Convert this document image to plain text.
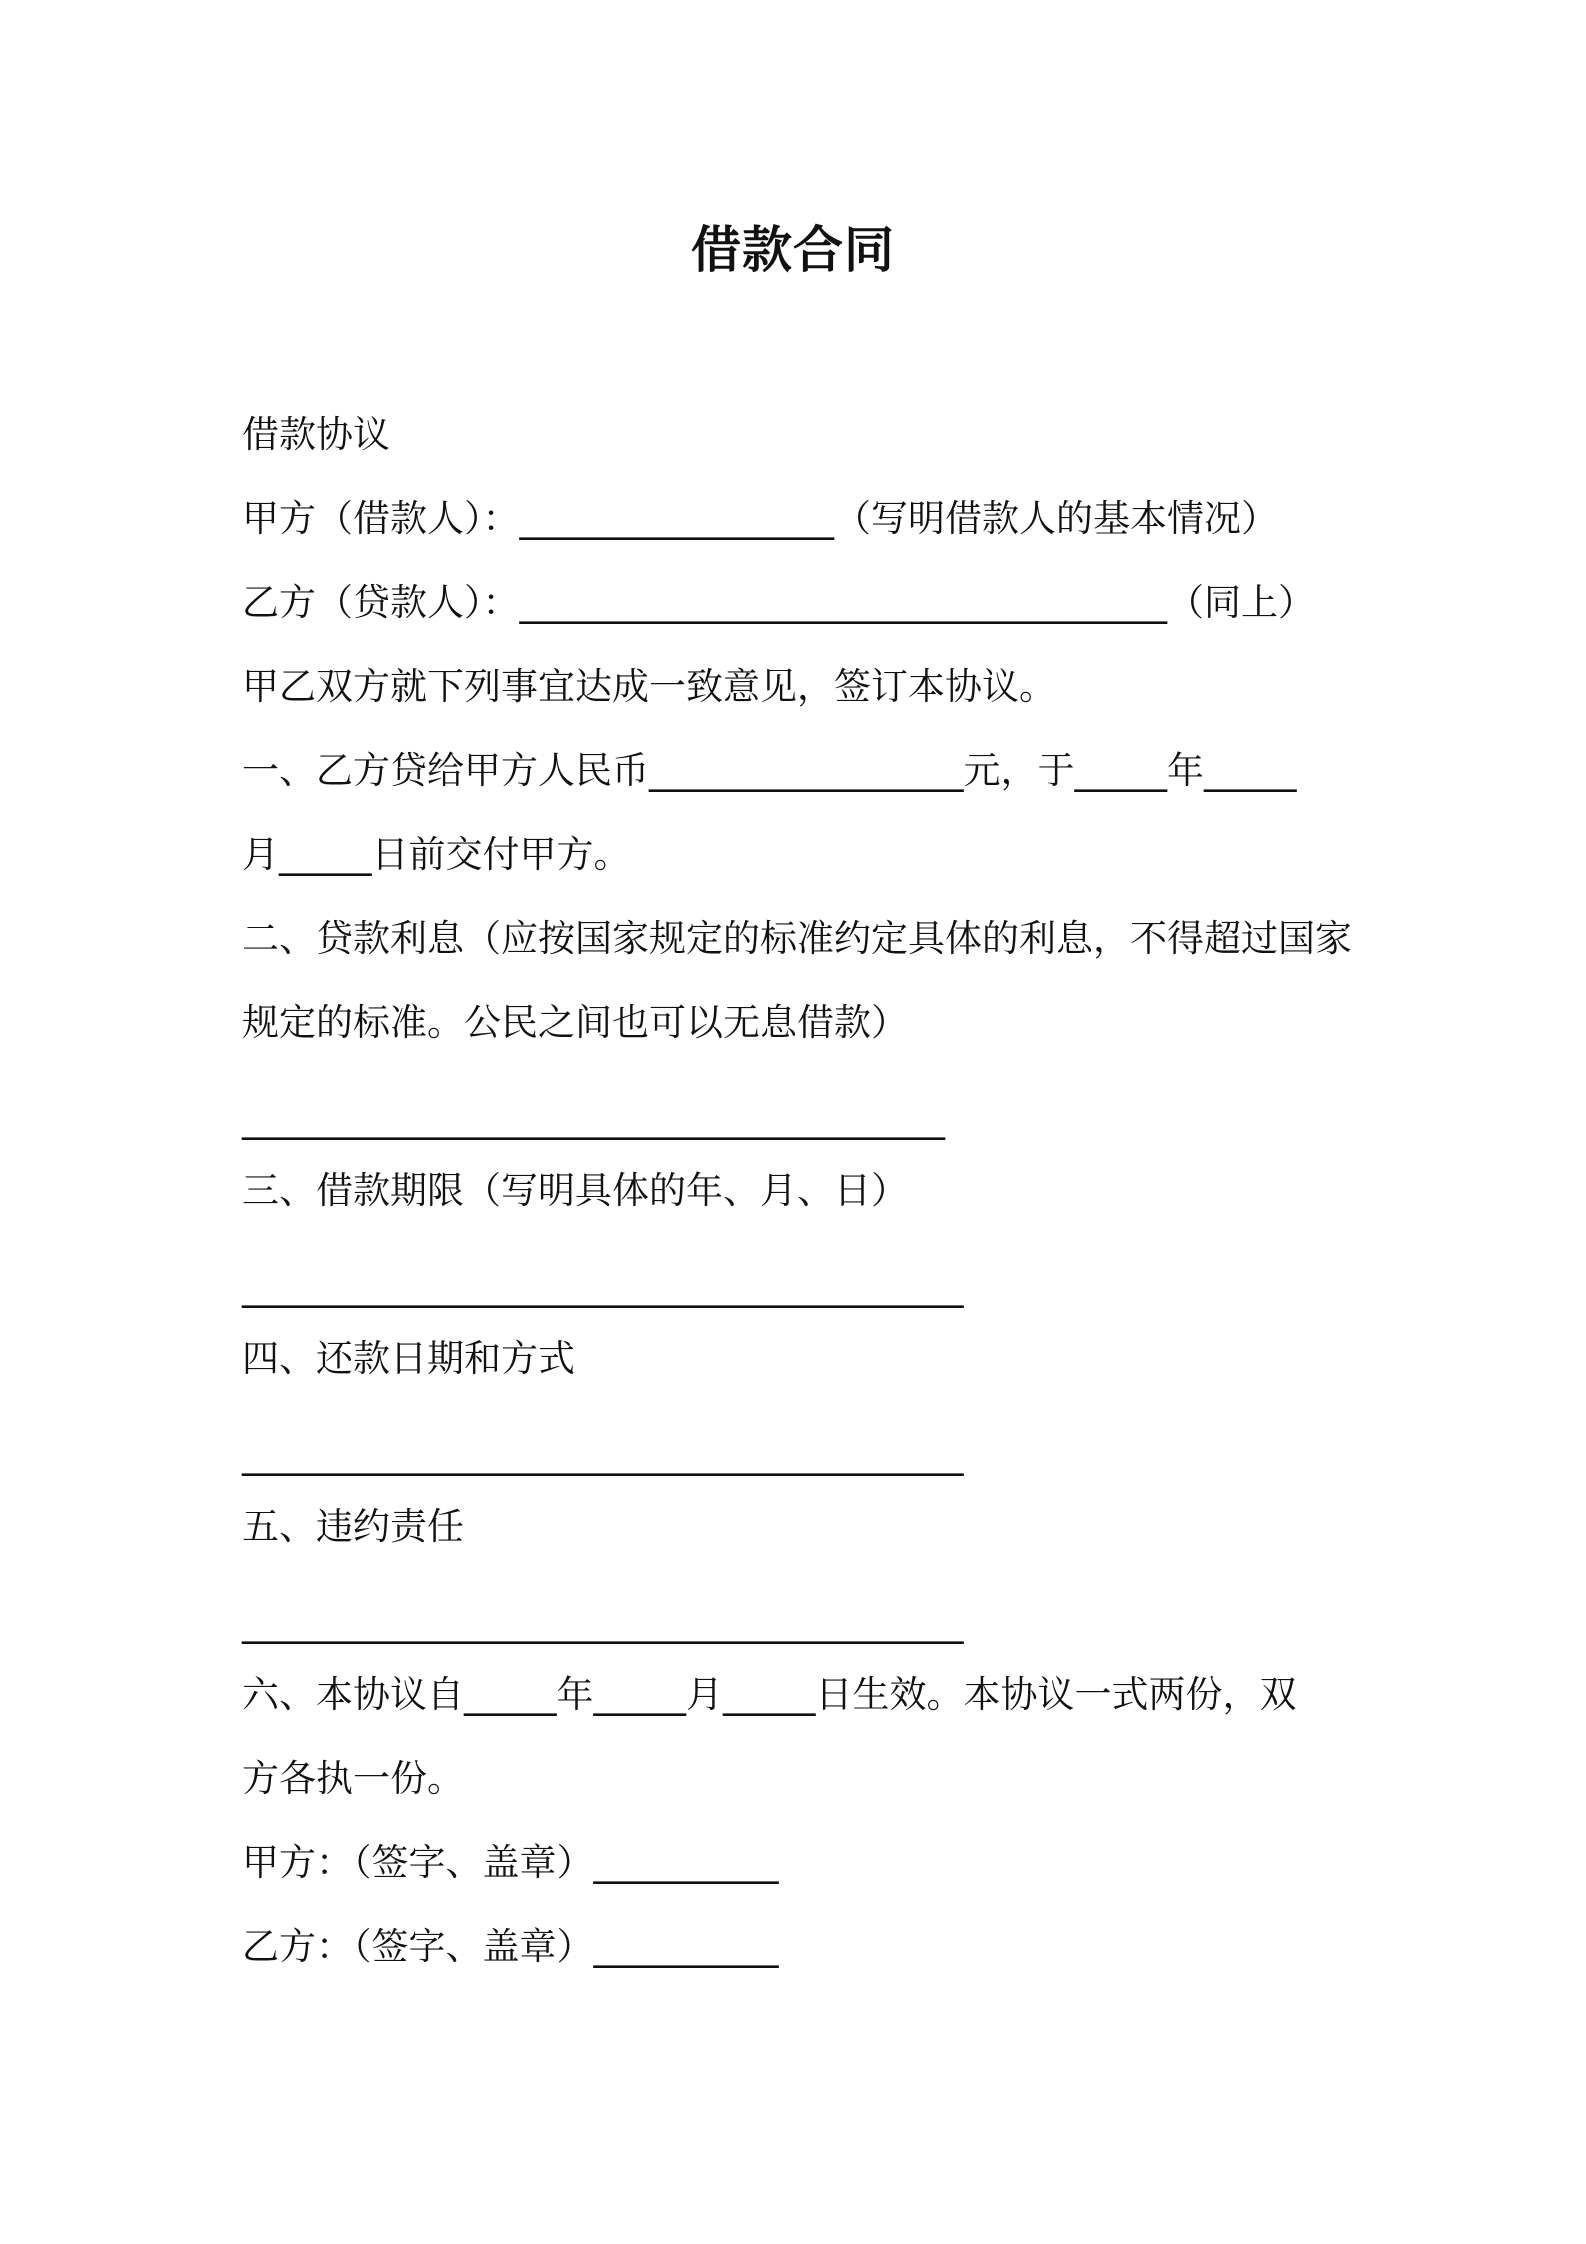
借款合同
借款协议
甲方（借款人）：_________________（写明借款人的基本情况）
乙方（贷款人）：___________________________________（同上）
甲乙双方就下列事宜达成一致意见，签订本协议。
一、乙方贷给甲方人民币_________________元，于_____年_____
月_____日前交付甲方。
二、贷款利息（应按国家规定的标准约定具体的利息，不得超过国家
规定的标准。公民之间也可以无息借款）
______________________________________
三、借款期限（写明具体的年、月、日）
_______________________________________
四、还款日期和方式
_______________________________________
五、违约责任
_______________________________________
六、本协议自_____年_____月_____日生效。本协议一式两份，双
方各执一份。
甲方：（签字、盖章）__________
乙方：（签字、盖章）__________
